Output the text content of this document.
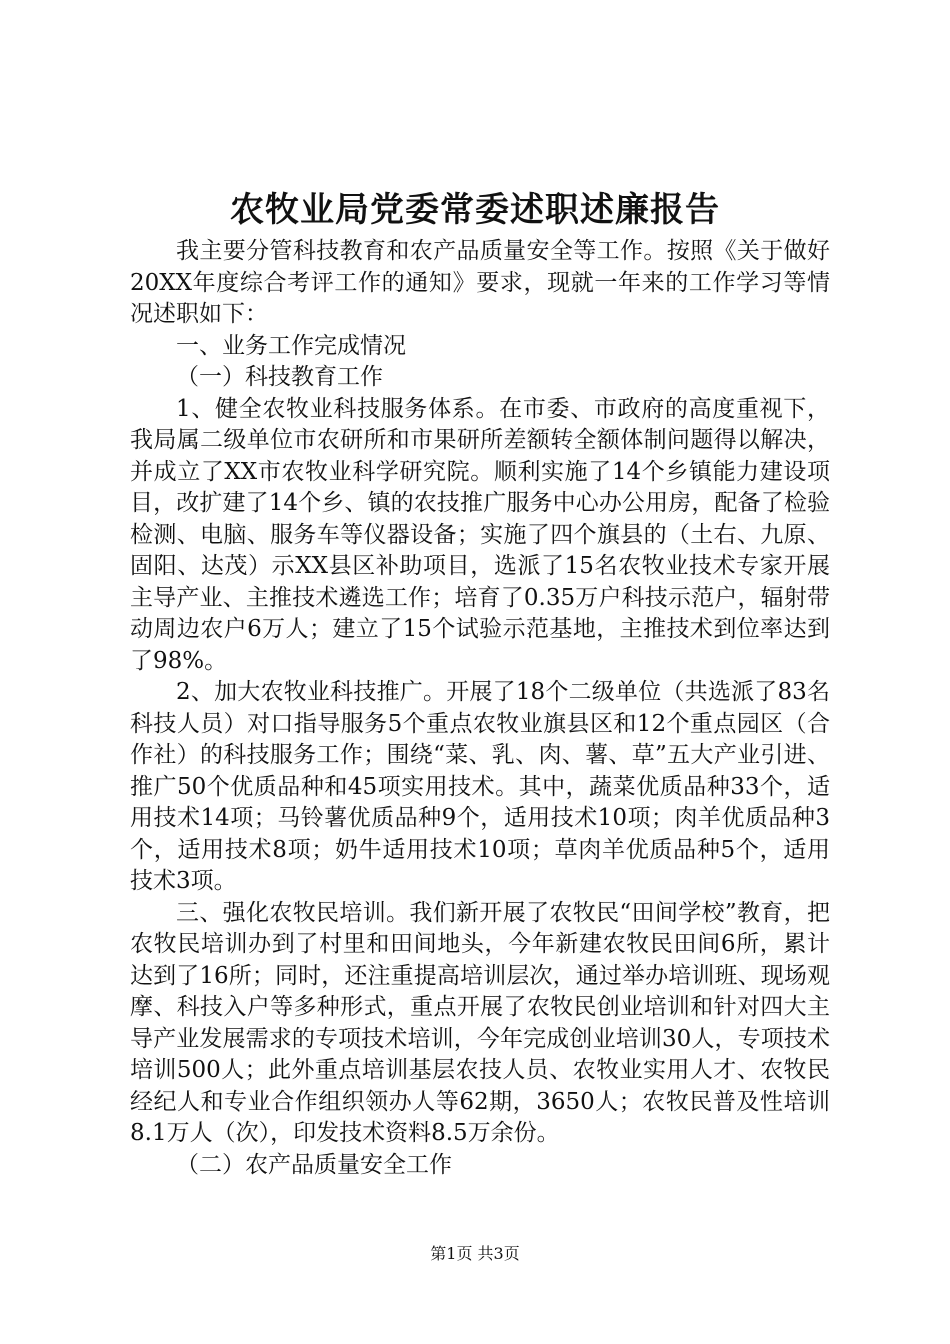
农牧业局党委常委述职述廉报告

我主要分管科技教育和农产品质量安全等工作。按照《关于做好20XX年度综合考评工作的通知》要求，现就一年来的工作学习等情况述职如下：

一、业务工作完成情况

（一）科技教育工作

1、健全农牧业科技服务体系。在市委、市政府的高度重视下，我局属二级单位市农研所和市果研所差额转全额体制问题得以解决，并成立了XX市农牧业科学研究院。顺利实施了14个乡镇能力建设项目，改扩建了14个乡、镇的农技推广服务中心办公用房，配备了检验检测、电脑、服务车等仪器设备；实施了四个旗县的（土右、九原、固阳、达茂）示XX县区补助项目，选派了15名农牧业技术专家开展主导产业、主推技术遴选工作；培育了0.35万户科技示范户，辐射带动周边农户6万人；建立了15个试验示范基地，主推技术到位率达到了98%。

2、加大农牧业科技推广。开展了18个二级单位（共选派了83名科技人员）对口指导服务5个重点农牧业旗县区和12个重点园区（合作社）的科技服务工作；围绕“菜、乳、肉、薯、草”五大产业引进、推广50个优质品种和45项实用技术。其中，蔬菜优质品种33个，适用技术14项；马铃薯优质品种9个，适用技术10项；肉羊优质品种3个，适用技术8项；奶牛适用技术10项；草肉羊优质品种5个，适用技术3项。

三、强化农牧民培训。我们新开展了农牧民“田间学校”教育，把农牧民培训办到了村里和田间地头，今年新建农牧民田间6所，累计达到了16所；同时，还注重提高培训层次，通过举办培训班、现场观摩、科技入户等多种形式，重点开展了农牧民创业培训和针对四大主导产业发展需求的专项技术培训，今年完成创业培训30人，专项技术培训500人；此外重点培训基层农技人员、农牧业实用人才、农牧民经纪人和专业合作组织领办人等62期，3650人；农牧民普及性培训8.1万人（次），印发技术资料8.5万余份。

（二）农产品质量安全工作

第1页 共3页
